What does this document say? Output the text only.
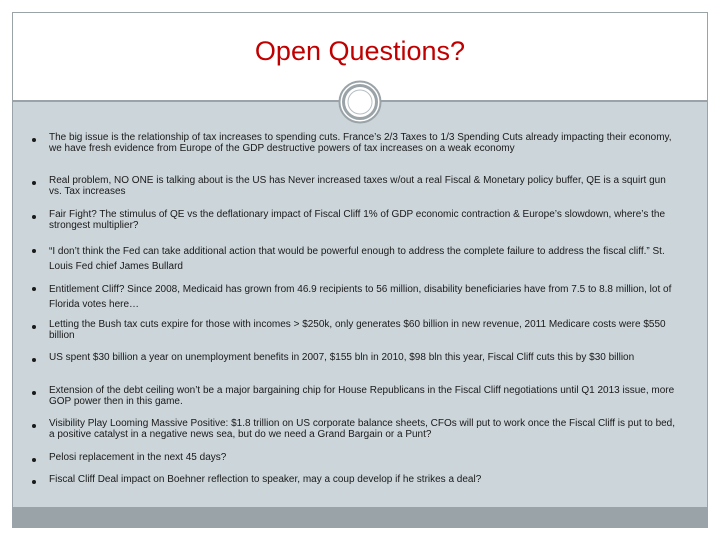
Open Questions?

The big issue is the relationship of tax increases to spending cuts. France’s 2/3 Taxes to 1/3 Spending Cuts already impacting their economy, we have fresh evidence from Europe of the GDP destructive powers of tax increases on a weak economy

Real problem, NO ONE is talking about is the US has Never increased taxes w/out a real Fiscal & Monetary policy buffer, QE is a squirt gun vs. Tax increases

Fair Fight? The stimulus of QE vs the deflationary impact of Fiscal Cliff 1% of GDP economic contraction & Europe’s slowdown, where’s the strongest multiplier?

“I don’t think the Fed can take additional action that would be powerful enough to address the complete failure to address the fiscal cliff.” St. Louis Fed chief James Bullard

Entitlement Cliff? Since 2008, Medicaid has grown from 46.9 recipients to 56 million, disability beneficiaries have from 7.5 to 8.8 million, lot of Florida votes here…

Letting the Bush tax cuts expire for those with incomes > $250k, only generates $60 billion in new revenue, 2011 Medicare costs were $550 billion

US spent $30 billion a year on unemployment benefits in 2007, $155 bln in 2010, $98 bln this year, Fiscal Cliff cuts this by $30 billion

Extension of the debt ceiling won’t be a major bargaining chip for House Republicans in the Fiscal Cliff negotiations until Q1 2013 issue, more GOP power then in this game.

Visibility Play Looming Massive Positive: $1.8 trillion on US corporate balance sheets, CFOs will put to work once the Fiscal Cliff is put to bed, a positive catalyst in a negative news sea, but do we need a Grand Bargain or a Punt?

Pelosi replacement in the next 45 days?

Fiscal Cliff Deal impact on Boehner reflection to speaker, may a coup develop if he strikes a deal?
